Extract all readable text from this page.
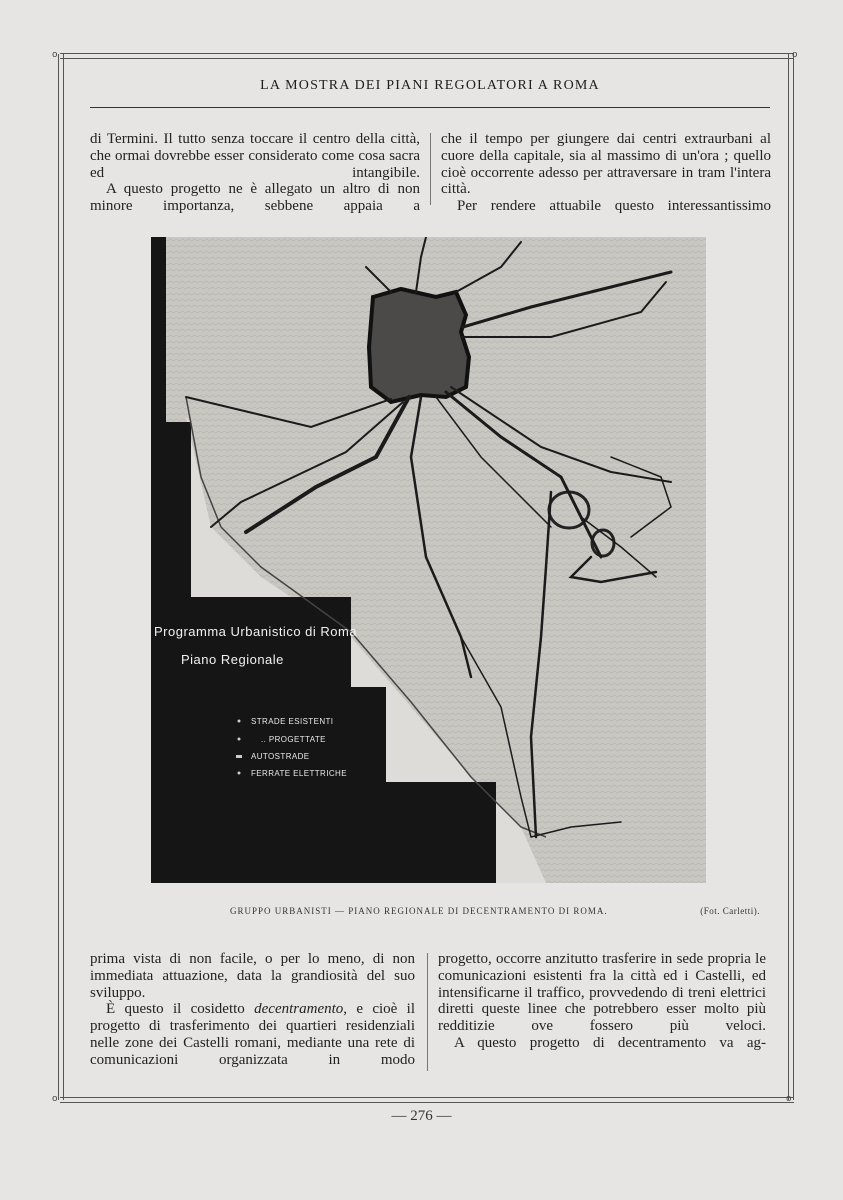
o	o
o	o
LA MOSTRA DEI PIANI REGOLATORI A ROMA

di Termini. Il tutto senza toccare il centro della città, che ormai dovrebbe esser considerato come cosa sacra ed intangibile.

A questo progetto ne è allegato un altro di non minore importanza, sebbene appaia a

che il tempo per giungere dai centri extraurbani al cuore della capitale, sia al massimo di un'ora ; quello cioè occorrente adesso per attraversare in tram l'intera città.

Per rendere attuabile questo interessantissimo

Programma Urbanistico di Roma
Piano Regionale
STRADE ESISTENTI
.. PROGETTATE
AUTOSTRADE
FERRATE ELETTRICHE
GRUPPO URBANISTI — PIANO REGIONALE DI DECENTRAMENTO DI ROMA.	(Fot. Carletti).

prima vista di non facile, o per lo meno, di non immediata attuazione, data la grandiosità del suo sviluppo.

È questo il cosidetto decentramento, e cioè il progetto di trasferimento dei quartieri residenziali nelle zone dei Castelli romani, mediante una rete di comunicazioni organizzata in modo

progetto, occorre anzitutto trasferire in sede propria le comunicazioni esistenti fra la città ed i Castelli, ed intensificarne il traffico, provvedendo di treni elettrici diretti queste linee che potrebbero esser molto più redditizie ove fossero più veloci.

A questo progetto di decentramento va ag-

— 276 —
